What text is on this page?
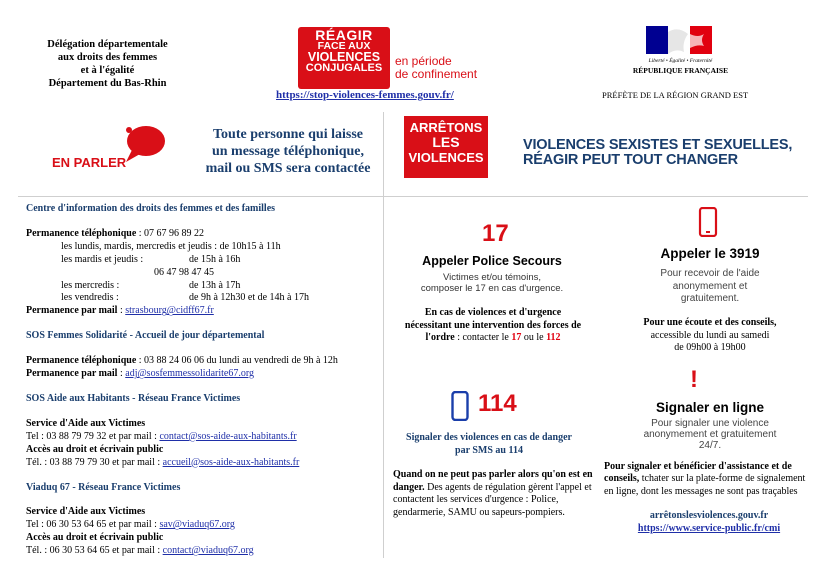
Délégation départementale
aux droits des femmes
et à l'égalité
Département du Bas-Rhin
RÉAGIR
FACE AUX
VIOLENCES
CONJUGALES	en période
de confinement
https://stop-violences-femmes.gouv.fr/
Liberté • Égalité • Fraternité
RÉPUBLIQUE FRANÇAISE
PRÉFÈTE DE LA RÉGION GRAND EST
EN PARLER
Toute personne qui laisse
un message téléphonique,
mail ou SMS sera contactée
ARRÊTONS
LES
VIOLENCES
VIOLENCES SEXISTES ET SEXUELLES,
RÉAGIR PEUT TOUT CHANGER
Centre d'information des droits des femmes et des familles
Permanence téléphonique : 07 67 96 89 22
les lundis, mardis, mercredis et jeudis : de 10h15 à 11h
les mardis et jeudis :	de 15h à 16h
06 47 98 47 45
les mercredis :	de 13h à 17h
les vendredis :	de 9h à 12h30 et de 14h à 17h
Permanence par mail : strasbourg@cidff67.fr
SOS Femmes Solidarité - Accueil de jour départemental
Permanence téléphonique : 03 88 24 06 06 du lundi au vendredi de 9h à 12h
Permanence par mail : adj@sosfemmessolidarite67.org
SOS Aide aux Habitants - Réseau France Victimes
Service d'Aide aux Victimes
Tel : 03 88 79 79 32 et par mail : contact@sos-aide-aux-habitants.fr
Accès au droit et écrivain public
Tél. : 03 88 79 79 30 et par mail : accueil@sos-aide-aux-habitants.fr
Viaduq 67 - Réseau France Victimes
Service d'Aide aux Victimes
Tel : 06 30 53 64 65 et par mail : sav@viaduq67.org
Accès au droit et écrivain public
Tél. : 06 30 53 64 65 et par mail : contact@viaduq67.org
17
Appeler Police Secours
Victimes et/ou témoins,
composer le 17 en cas d'urgence.
En cas de violences et d'urgence
nécessitant une intervention des forces de
l'ordre : contacter le 17 ou le 112
Appeler le 3919
Pour recevoir de l'aide
anonymement et
gratuitement.
Pour une écoute et des conseils,
accessible du lundi au samedi
de 09h00 à 19h00
114
Signaler des violences en cas de danger
par SMS au 114
Quand on ne peut pas parler alors qu'on est en danger. Des agents de régulation gèrent l'appel et contactent les services d'urgence : Police, gendarmerie, SAMU ou sapeurs-pompiers.
!
Signaler en ligne
Pour signaler une violence
anonymement et gratuitement
24/7.
Pour signaler et bénéficier d'assistance et de conseils, tchater sur la plate-forme de signalement en ligne, dont les messages ne sont pas traçables
arrêtonslesviolences.gouv.fr
https://www.service-public.fr/cmi
